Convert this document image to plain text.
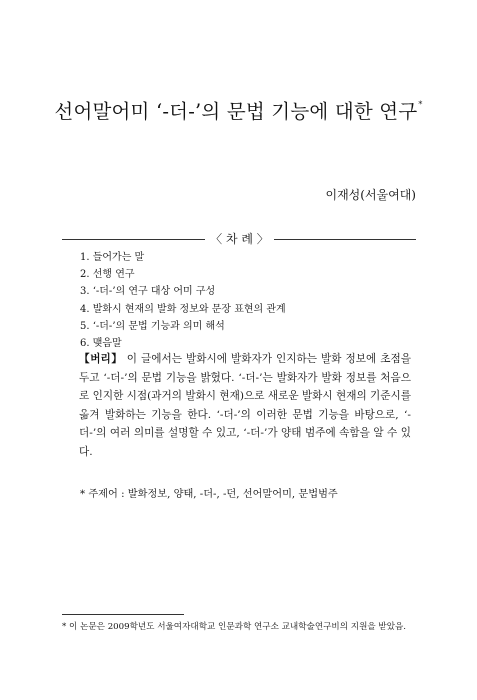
선어말어미 ‘-더-’의 문법 기능에 대한 연구*
이재성(서울여대)
〈 차 례 〉
1. 들어가는 말
2. 선행 연구
3. ‘-더-’의 연구 대상 어미 구성
4. 발화시 현재의 발화 정보와 문장 표현의 관계
5. ‘-더-’의 문법 기능과 의미 해석
6. 맺음말
【버리】 이 글에서는 발화시에 발화자가 인지하는 발화 정보에 초점을 두고 ‘-더-’의 문법 기능을 밝혔다. ‘-더-’는 발화자가 발화 정보를 처음으로 인지한 시점(과거의 발화시 현재)으로 새로운 발화시 현재의 기준시를 옮겨 발화하는 기능을 한다. ‘-더-’의 이러한 문법 기능을 바탕으로, ‘-더-’의 여러 의미를 설명할 수 있고, ‘-더-’가 양태 범주에 속함을 알 수 있다.
* 주제어 : 발화정보, 양태, -더-, -던, 선어말어미, 문법범주
* 이 논문은 2009학년도 서울여자대학교 인문과학 연구소 교내학술연구비의 지원을 받았음.
